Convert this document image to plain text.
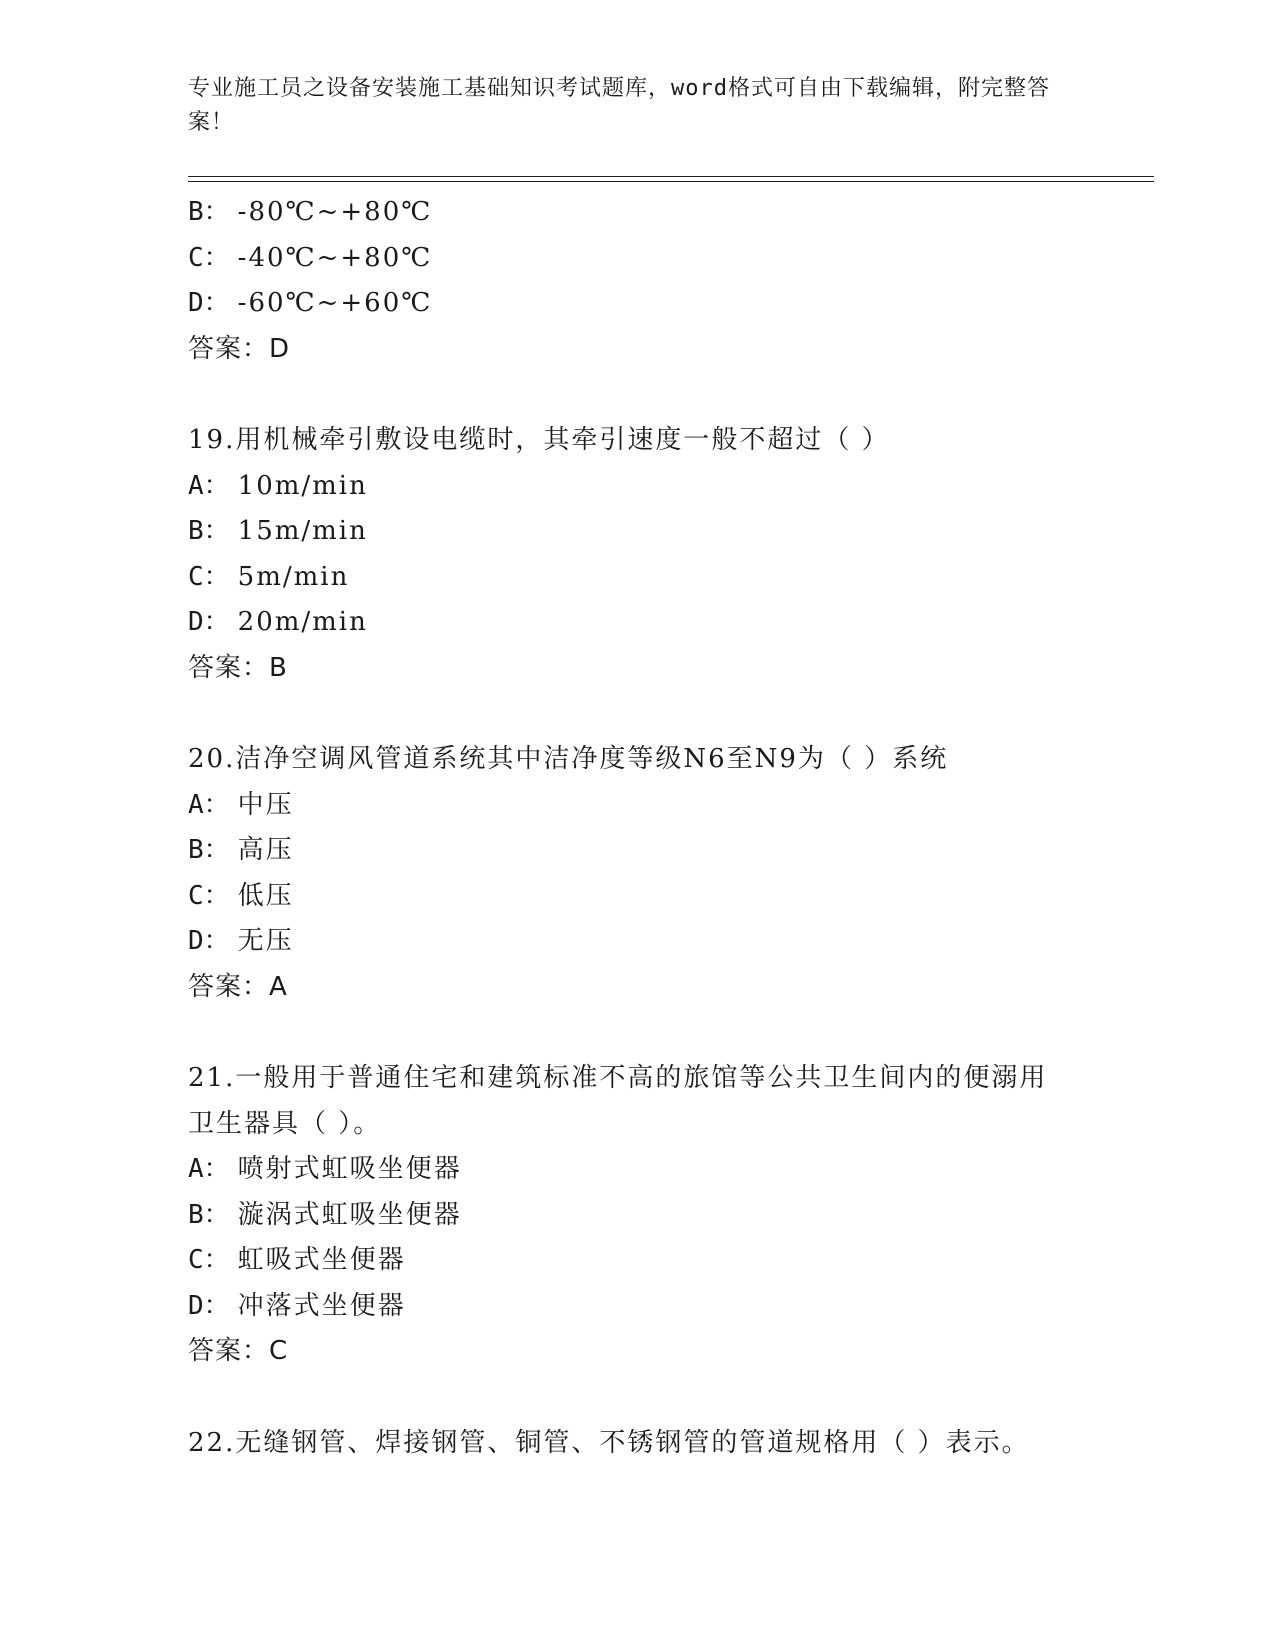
专业施工员之设备安装施工基础知识考试题库，word格式可自由下载编辑，附完整答案！
B： -80℃~+80℃
C： -40℃~+80℃
D： -60℃~+60℃
答案：D
19.用机械牵引敷设电缆时，其牵引速度一般不超过（ ）
A： 10m/min
B： 15m/min
C： 5m/min
D： 20m/min
答案：B
20.洁净空调风管道系统其中洁净度等级N6至N9为（ ）系统
A： 中压
B： 高压
C： 低压
D： 无压
答案：A
21.一般用于普通住宅和建筑标准不高的旅馆等公共卫生间内的便溺用卫生器具（ ）。
A： 喷射式虹吸坐便器
B： 漩涡式虹吸坐便器
C： 虹吸式坐便器
D： 冲落式坐便器
答案：C
22.无缝钢管、焊接钢管、铜管、不锈钢管的管道规格用（ ）表示。
